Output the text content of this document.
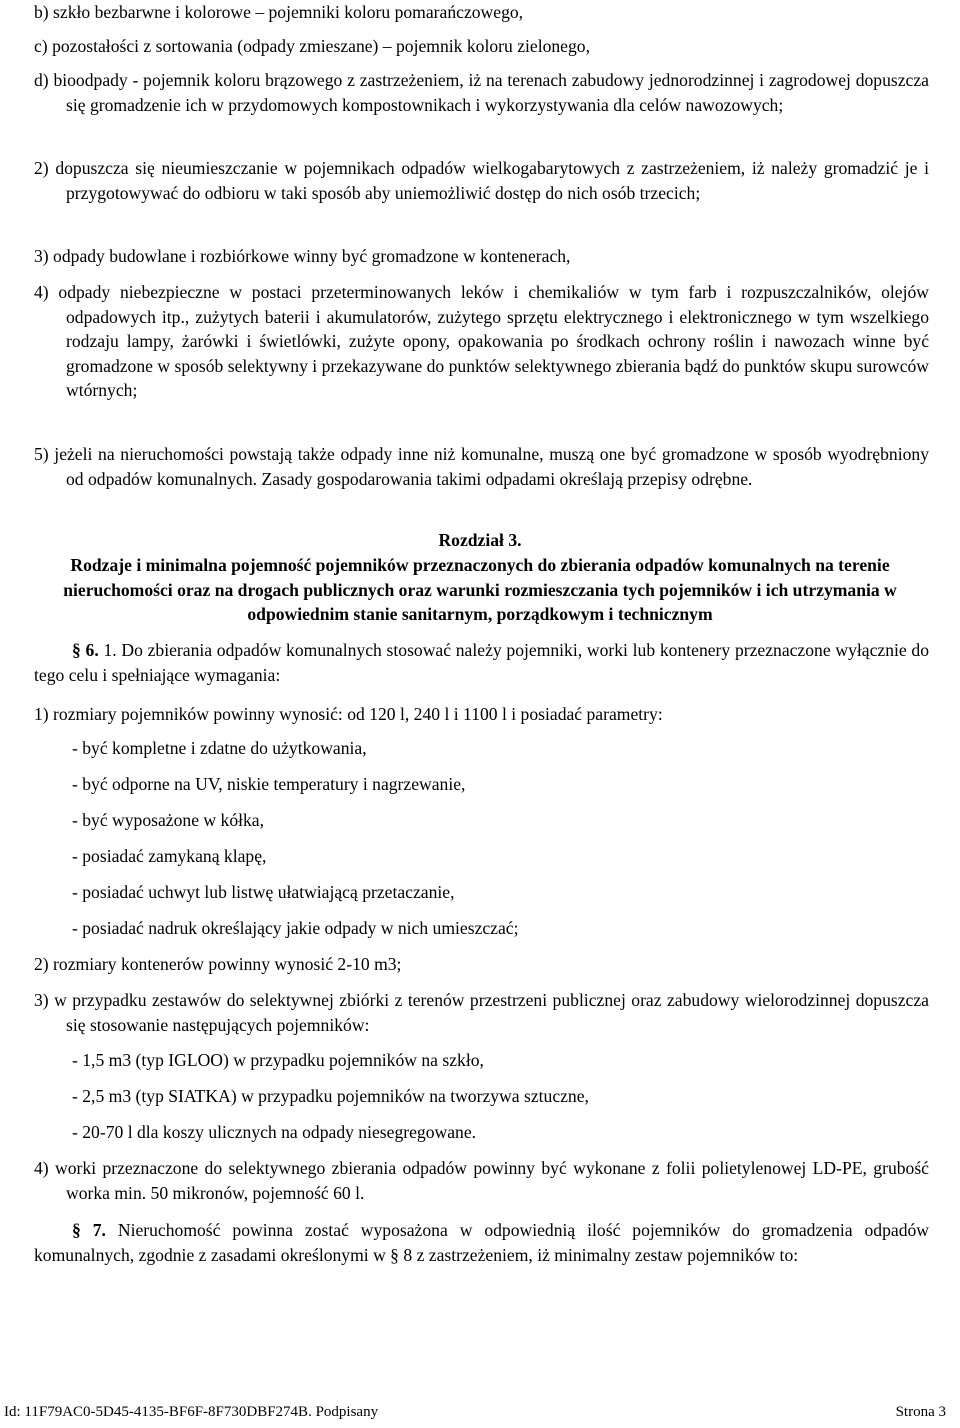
b) szkło bezbarwne i kolorowe – pojemniki koloru pomarańczowego,

c) pozostałości z sortowania (odpady zmieszane) – pojemnik koloru zielonego,

d) bioodpady - pojemnik koloru brązowego z zastrzeżeniem, iż na terenach zabudowy jednorodzinnej i zagrodowej dopuszcza się gromadzenie ich w przydomowych kompostownikach i wykorzystywania dla celów nawozowych;

2) dopuszcza się nieumieszczanie w pojemnikach odpadów wielkogabarytowych z zastrzeżeniem, iż należy gromadzić je i przygotowywać do odbioru w taki sposób aby uniemożliwić dostęp do nich osób trzecich;

3) odpady budowlane i rozbiórkowe winny być gromadzone w kontenerach,

4) odpady niebezpieczne w postaci przeterminowanych leków i chemikaliów w tym farb i rozpuszczalników, olejów odpadowych itp., zużytych baterii i akumulatorów, zużytego sprzętu elektrycznego i elektronicznego w tym wszelkiego rodzaju lampy, żarówki i świetlówki, zużyte opony, opakowania po środkach ochrony roślin i nawozach winne być gromadzone w sposób selektywny i przekazywane do punktów selektywnego zbierania bądź do punktów skupu surowców wtórnych;

5) jeżeli na nieruchomości powstają także odpady inne niż komunalne, muszą one być gromadzone w sposób wyodrębniony od odpadów komunalnych. Zasady gospodarowania takimi odpadami określają przepisy odrębne.

Rozdział 3.

Rodzaje i minimalna pojemność pojemników przeznaczonych do zbierania odpadów komunalnych na terenie nieruchomości oraz na drogach publicznych oraz warunki rozmieszczania tych pojemników i ich utrzymania w odpowiednim stanie sanitarnym, porządkowym i technicznym

§ 6. 1. Do zbierania odpadów komunalnych stosować należy pojemniki, worki lub kontenery przeznaczone wyłącznie do tego celu i spełniające wymagania:

1) rozmiary pojemników powinny wynosić: od 120 l, 240 l i 1100 l i posiadać parametry:

- być kompletne i zdatne do użytkowania,

- być odporne na UV, niskie temperatury i nagrzewanie,

- być wyposażone w kółka,

- posiadać zamykaną klapę,

- posiadać uchwyt lub listwę ułatwiającą przetaczanie,

- posiadać nadruk określający jakie odpady w nich umieszczać;

2) rozmiary kontenerów powinny wynosić 2-10 m3;

3) w przypadku zestawów do selektywnej zbiórki z terenów przestrzeni publicznej oraz zabudowy wielorodzinnej dopuszcza się stosowanie następujących pojemników:

- 1,5 m3 (typ IGLOO) w przypadku pojemników na szkło,

- 2,5 m3 (typ SIATKA) w przypadku pojemników na tworzywa sztuczne,

- 20-70 l dla koszy ulicznych na odpady niesegregowane.

4) worki przeznaczone do selektywnego zbierania odpadów powinny być wykonane z folii polietylenowej LD-PE, grubość worka min. 50 mikronów, pojemność 60 l.

§ 7. Nieruchomość powinna zostać wyposażona w odpowiednią ilość pojemników do gromadzenia odpadów komunalnych, zgodnie z zasadami określonymi w § 8 z zastrzeżeniem, iż minimalny zestaw pojemników to:

Id: 11F79AC0-5D45-4135-BF6F-8F730DBF274B. Podpisany	Strona 3
